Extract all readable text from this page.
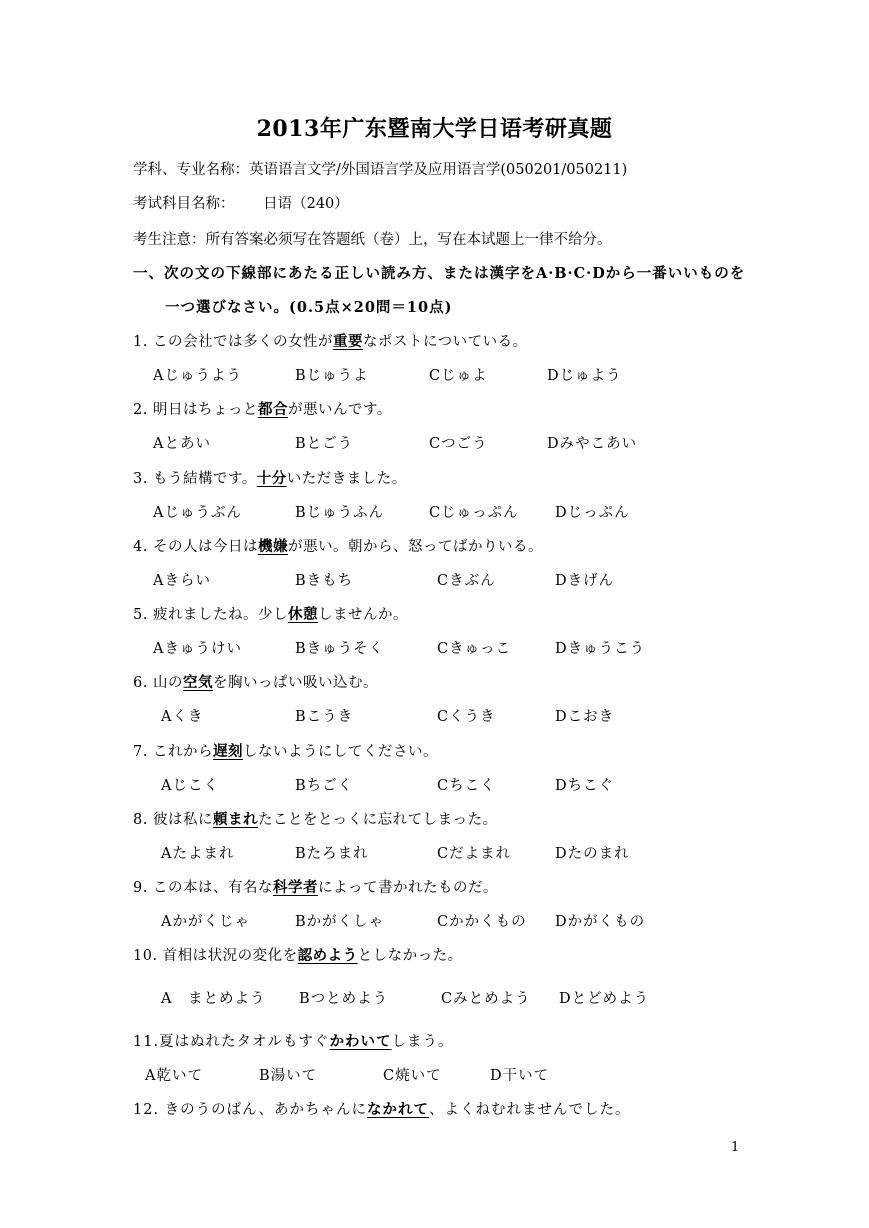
2013年广东暨南大学日语考研真题
学科、专业名称：英语语言文学/外国语言学及应用语言学(050201/050211)
考试科目名称： 日语（240）
考生注意：所有答案必须写在答题纸（卷）上，写在本试题上一律不给分。
一、次の文の下線部にあたる正しい読み方、または漢字をA·B·C·Dから一番いいものを
一つ選びなさい。(0.5点×20問＝10点)
1. この会社では多くの女性が重要なポストについている。
Aじゅうよう	Bじゅうよ	Cじゅよ	Dじゅよう
2. 明日はちょっと都合が悪いんです。
Aとあい	Bとごう	Cつごう	Dみやこあい
3. もう結構です。十分いただきました。
Aじゅうぶん	Bじゅうふん	Cじゅっぷん	Dじっぷん
4. その人は今日は機嫌が悪い。朝から、怒ってばかりいる。
Aきらい	Bきもち	Cきぶん	Dきげん
5. 疲れましたね。少し休憩しませんか。
Aきゅうけい	Bきゅうそく	Cきゅっこ	Dきゅうこう
6. 山の空気を胸いっぱい吸い込む。
Aくき	Bこうき	Cくうき	Dこおき
7. これから遅刻しないようにしてください。
Aじこく	Bちごく	Cちこく	Dちこぐ
8. 彼は私に頼まれたことをとっくに忘れてしまった。
Aたよまれ	Bたろまれ	Cだよまれ	Dたのまれ
9. この本は、有名な科学者によって書かれたものだ。
Aかがくじゃ	Bかがくしゃ	Cかかくもの Dかがくもの
10. 首相は状況の変化を認めようとしなかった。
A　まとめよう Bつとめよう	Cみとめよう Dとどめよう
11.夏はぬれたタオルもすぐかわいてしまう。
A乾いて	B湯いて	C焼いて	D干いて
12. きのうのばん、あかちゃんになかれて、よくねむれませんでした。
1
